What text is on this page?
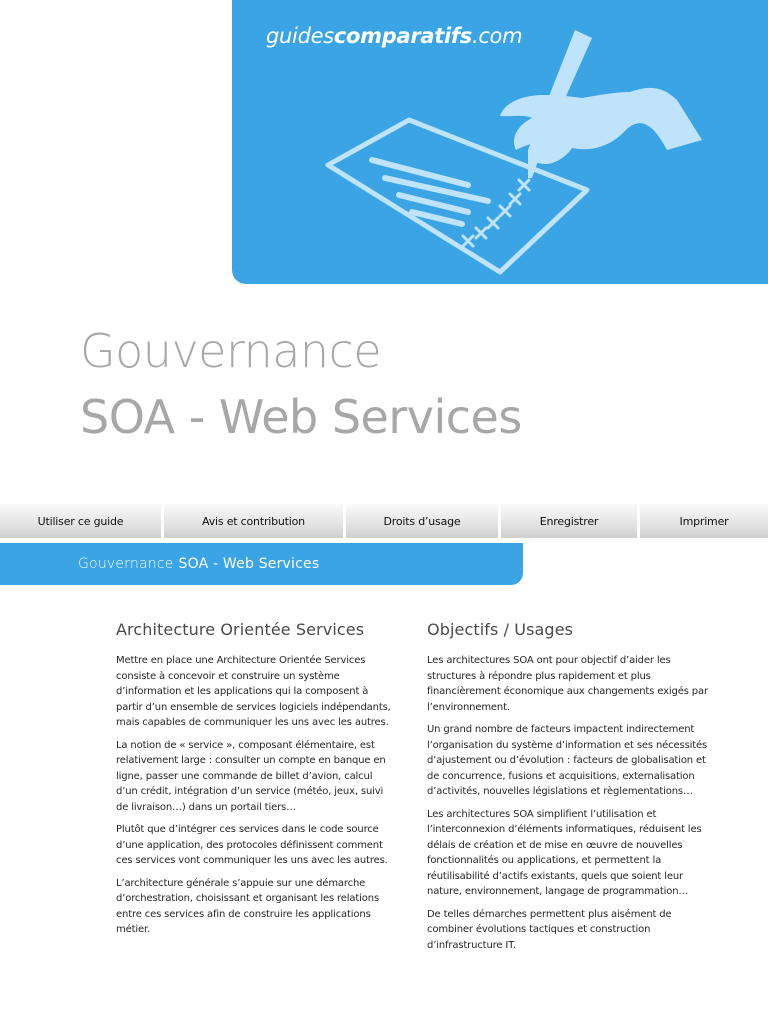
guidescomparatifs.com
Gouvernance
SOA - Web Services
Utiliser ce guide	Avis et contribution	Droits d’usage	Enregistrer	Imprimer
Gouvernance SOA - Web Services
Architecture Orientée Services

Mettre en place une Architecture Orientée Services consiste à concevoir et construire un système d’information et les applications qui la composent à partir d’un ensemble de services logiciels indépendants, mais capables de communiquer les uns avec les autres.

La notion de « service », composant élémentaire, est relativement large : consulter un compte en banque en ligne, passer une commande de billet d’avion, calcul d’un crédit, intégration d’un service (météo, jeux, suivi de livraison…) dans un portail tiers…

Plutôt que d’intégrer ces services dans le code source d’une application, des protocoles définissent comment ces services vont communiquer les uns avec les autres.

L’architecture générale s’appuie sur une démarche d’orchestration, choisissant et organisant les relations entre ces services afin de construire les applications métier.

Objectifs / Usages

Les architectures SOA ont pour objectif d’aider les structures à répondre plus rapidement et plus financièrement économique aux changements exigés par l’environnement.

Un grand nombre de facteurs impactent indirectement l’organisation du système d’information et ses nécessités d’ajustement ou d’évolution : facteurs de globalisation et de concurrence, fusions et acquisitions, externalisation d’activités, nouvelles législations et règlementations…

Les architectures SOA simplifient l’utilisation et l’interconnexion d’éléments informatiques, réduisent les délais de création et de mise en œuvre de nouvelles fonctionnalités ou applications, et permettent la réutilisabilité d’actifs existants, quels que soient leur nature, environnement, langage de programmation…

De telles démarches permettent plus aisément de combiner évolutions tactiques et construction d’infrastructure IT.
